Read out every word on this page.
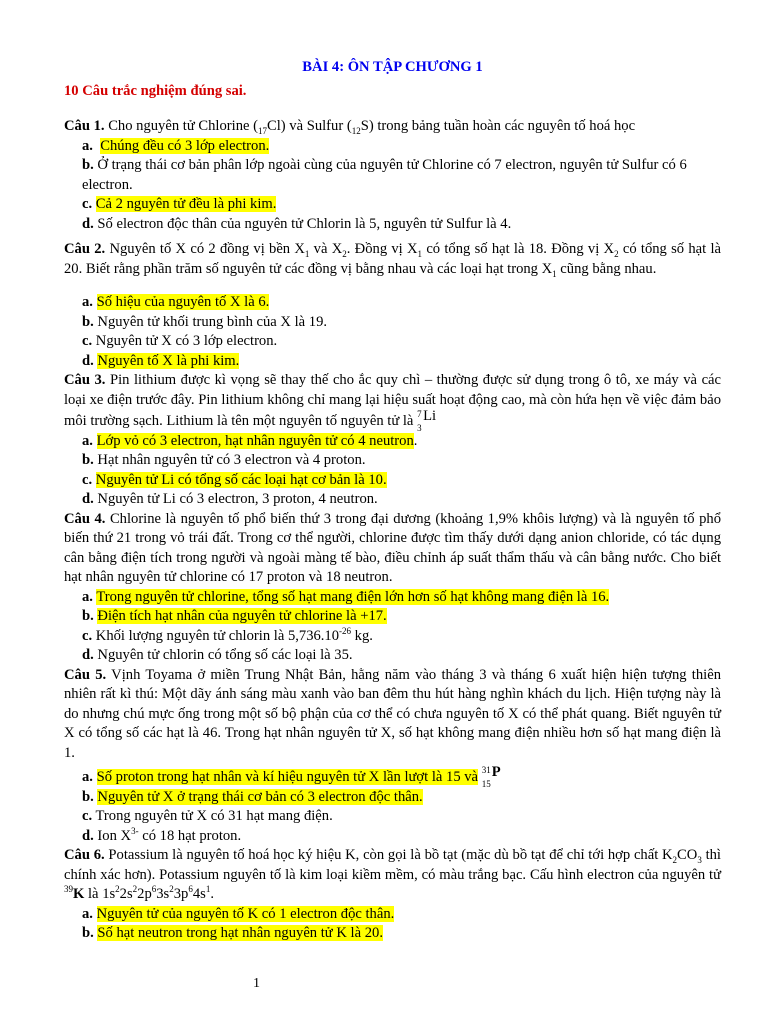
BÀI 4: ÔN TẬP CHƯƠNG 1

10 Câu trắc nghiệm đúng sai.

Câu 1. Cho nguyên tử Chlorine $(_{17}Cl)$ và Sulfur $(_{12}S)$ trong bảng tuần hoàn các nguyên tố hoá học

a. Chúng đều có 3 lớp electron.

b. Ở trạng thái cơ bản phân lớp ngoài cùng của nguyên tử Chlorine có 7 electron, nguyên tử Sulfur có 6 electron.

c. Cả 2 nguyên tử đều là phi kim.

d. Số electron độc thân của nguyên tử Chlorin là 5, nguyên tử Sulfur là 4.

Câu 2. Nguyên tố X có 2 đồng vị bền $X_1$ và $X_2$. Đồng vị $X_1$ có tổng số hạt là 18. Đồng vị $X_2$ có tổng số hạt là 20. Biết rằng phần trăm số nguyên tử các đồng vị bằng nhau và các loại hạt trong $X_1$ cũng bằng nhau.

a. Số hiệu của nguyên tố X là 6.

b. Nguyên tử khối trung bình của X là 19.

c. Nguyên tử X có 3 lớp electron.

d. Nguyên tố X là phi kim.

Câu 3. Pin lithium được kì vọng sẽ thay thế cho ắc quy chì – thường được sử dụng trong ô tô, xe máy và các loại xe điện trước đây. Pin lithium không chỉ mang lại hiệu suất hoạt động cao, mà còn hứa hẹn về việc đảm bảo môi trường sạch. Lithium là tên một nguyên tố nguyên tử là 7
3
Li

a. Lớp vỏ có 3 electron, hạt nhân nguyên tử có 4 neutron.

b. Hạt nhân nguyên tử có 3 electron và 4 proton.

c. Nguyên tử Li có tổng số các loại hạt cơ bản là 10.

d. Nguyên tử Li có 3 electron, 3 proton, 4 neutron.

Câu 4. Chlorine là nguyên tố phổ biến thứ 3 trong đại dương (khoảng 1,9% khôis lượng) và là nguyên tố phổ biến thứ 21 trong vỏ trái đất. Trong cơ thể người, chlorine được tìm thấy dưới dạng anion chloride, có tác dụng cân bằng điện tích trong người và ngoài màng tế bào, điều chỉnh áp suất thẩm thấu và cân bằng nước. Cho biết hạt nhân nguyên tử chlorine có 17 proton và 18 neutron.

a. Trong nguyên tử chlorine, tổng số hạt mang điện lớn hơn số hạt không mang điện là 16.

b. Điện tích hạt nhân của nguyên tử chlorine là +17.

c. Khối lượng nguyên tử chlorin là $5,736.10^{-26}$ kg.

d. Nguyên tử chlorin có tổng số các loại là 35.

Câu 5. Vịnh Toyama ở miền Trung Nhật Bản, hằng năm vào tháng 3 và tháng 6 xuất hiện hiện tượng thiên nhiên rất kì thú: Một dãy ánh sáng màu xanh vào ban đêm thu hút hàng nghìn khách du lịch. Hiện tượng này là do nhưng chú mực ống trong một số bộ phận của cơ thể có chưa nguyên tố X có thể phát quang. Biết nguyên tử X có tổng số các hạt là 46. Trong hạt nhân nguyên tử X, số hạt không mang điện nhiều hơn số hạt mang điện là 1.

a. Số proton trong hạt nhân và kí hiệu nguyên tử X lần lượt là 15 và 31
15
P

b. Nguyên tử X ở trạng thái cơ bản có 3 electron độc thân.

c. Trong nguyên tử X có 31 hạt mang điện.

d. Ion $X^{3-}$ có 18 hạt proton.

Câu 6. Potassium là nguyên tố hoá học ký hiệu K, còn gọi là bồ tạt (mặc dù bồ tạt để chỉ tới hợp chất $K_2CO_3$ thì chính xác hơn). Potassium nguyên tố là kim loại kiềm mềm, có màu trắng bạc. Cấu hình electron của nguyên tử $^{39}$K là $1s^22s^22p^63s^23p^64s^1$.

a. Nguyên tử của nguyên tố K có 1 electron độc thân.

b. Số hạt neutron trong hạt nhân nguyên tử K là 20.

1
